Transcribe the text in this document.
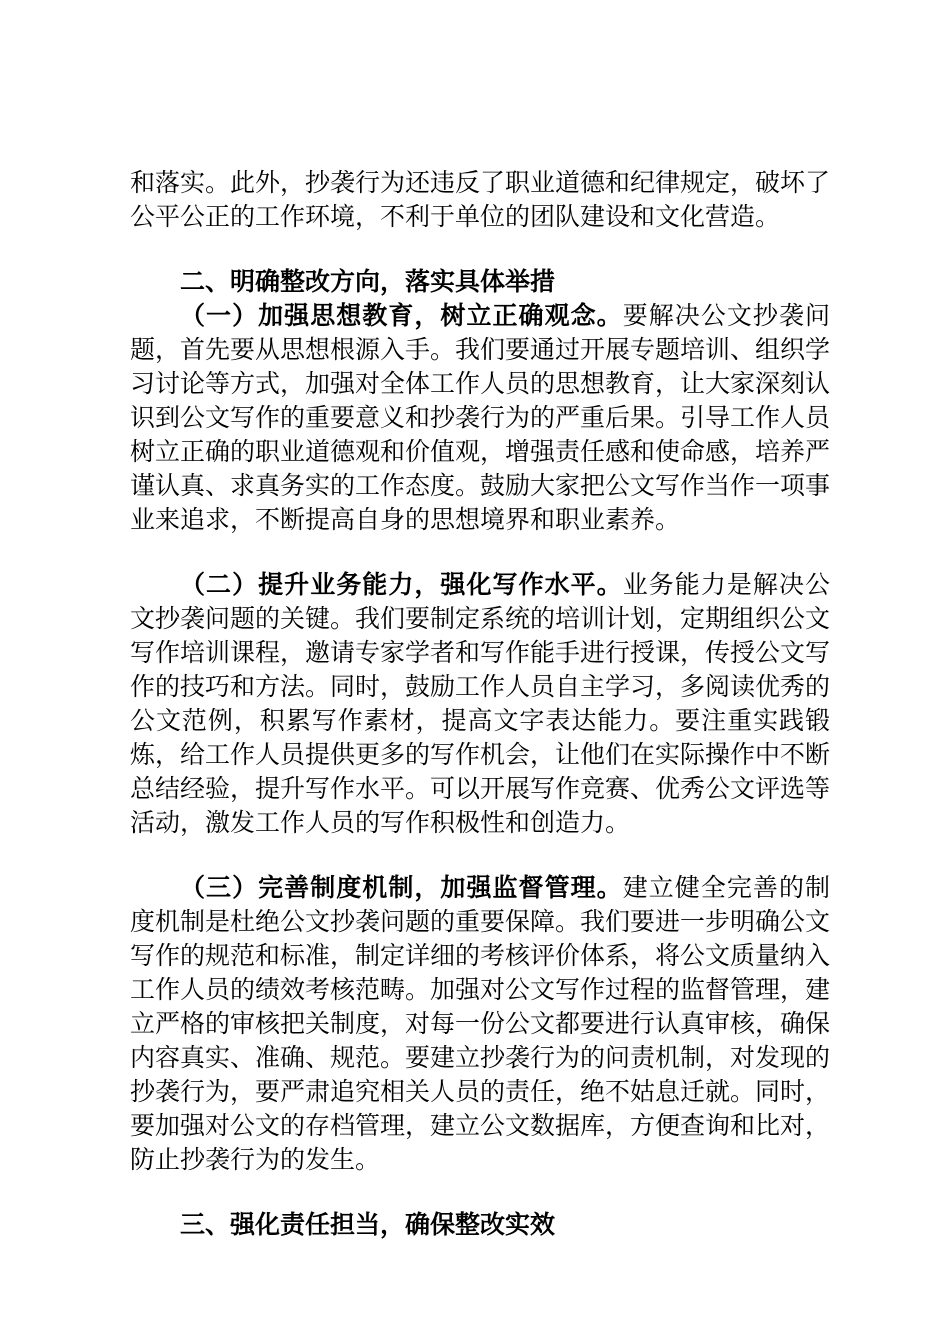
和落实。此外，抄袭行为还违反了职业道德和纪律规定，破坏了公平公正的工作环境，不利于单位的团队建设和文化营造。

二、明确整改方向，落实具体举措

（一）加强思想教育，树立正确观念。要解决公文抄袭问题，首先要从思想根源入手。我们要通过开展专题培训、组织学习讨论等方式，加强对全体工作人员的思想教育，让大家深刻认识到公文写作的重要意义和抄袭行为的严重后果。引导工作人员树立正确的职业道德观和价值观，增强责任感和使命感，培养严谨认真、求真务实的工作态度。鼓励大家把公文写作当作一项事业来追求，不断提高自身的思想境界和职业素养。

（二）提升业务能力，强化写作水平。业务能力是解决公文抄袭问题的关键。我们要制定系统的培训计划，定期组织公文写作培训课程，邀请专家学者和写作能手进行授课，传授公文写作的技巧和方法。同时，鼓励工作人员自主学习，多阅读优秀的公文范例，积累写作素材，提高文字表达能力。要注重实践锻炼，给工作人员提供更多的写作机会，让他们在实际操作中不断总结经验，提升写作水平。可以开展写作竞赛、优秀公文评选等活动，激发工作人员的写作积极性和创造力。

（三）完善制度机制，加强监督管理。建立健全完善的制度机制是杜绝公文抄袭问题的重要保障。我们要进一步明确公文写作的规范和标准，制定详细的考核评价体系，将公文质量纳入工作人员的绩效考核范畴。加强对公文写作过程的监督管理，建立严格的审核把关制度，对每一份公文都要进行认真审核，确保内容真实、准确、规范。要建立抄袭行为的问责机制，对发现的抄袭行为，要严肃追究相关人员的责任，绝不姑息迁就。同时，要加强对公文的存档管理，建立公文数据库，方便查询和比对，防止抄袭行为的发生。

三、强化责任担当，确保整改实效
